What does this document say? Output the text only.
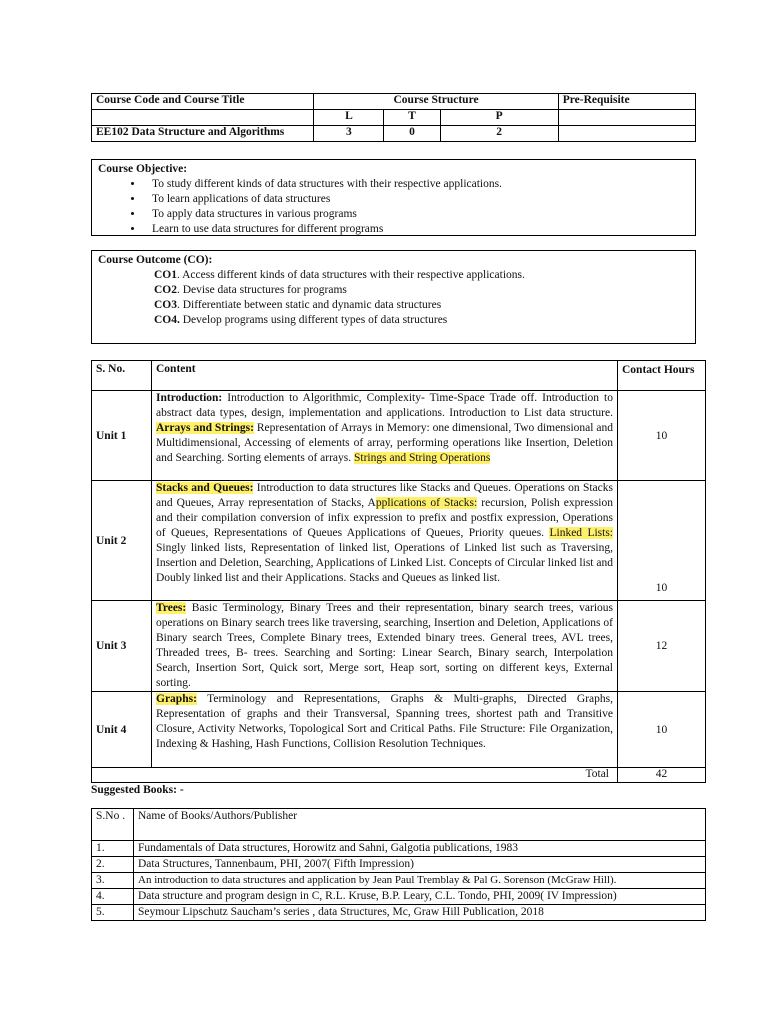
Course Code and Course Title	Course Structure			Pre-Requisite
	L	T	P	
EE102 Data Structure and Algorithms	3	0	2	
Course Objective:
• To study different kinds of data structures with their respective applications.
• To learn applications of data structures
• To apply data structures in various programs
• Learn to use data structures for different programs
Course Outcome (CO):
CO1. Access different kinds of data structures with their respective applications.
CO2. Devise data structures for programs
CO3. Differentiate between static and dynamic data structures
CO4. Develop programs using different types of data structures
S. No.	Content	Contact Hours
Unit 1	Introduction: Introduction to Algorithmic, Complexity- Time-Space Trade off. Introduction to abstract data types, design, implementation and applications. Introduction to List data structure. Arrays and Strings: Representation of Arrays in Memory: one dimensional, Two dimensional and Multidimensional, Accessing of elements of array, performing operations like Insertion, Deletion and Searching. Sorting elements of arrays. Strings and String Operations	10
Unit 2	Stacks and Queues: Introduction to data structures like Stacks and Queues. Operations on Stacks and Queues, Array representation of Stacks, Applications of Stacks: recursion, Polish expression and their compilation conversion of infix expression to prefix and postfix expression, Operations of Queues, Representations of Queues Applications of Queues, Priority queues. Linked Lists: Singly linked lists, Representation of linked list, Operations of Linked list such as Traversing, Insertion and Deletion, Searching, Applications of Linked List. Concepts of Circular linked list and Doubly linked list and their Applications. Stacks and Queues as linked list.	10
Unit 3	Trees: Basic Terminology, Binary Trees and their representation, binary search trees, various operations on Binary search trees like traversing, searching, Insertion and Deletion, Applications of Binary search Trees, Complete Binary trees, Extended binary trees. General trees, AVL trees, Threaded trees, B- trees. Searching and Sorting: Linear Search, Binary search, Interpolation Search, Insertion Sort, Quick sort, Merge sort, Heap sort, sorting on different keys, External sorting.	12
Unit 4	Graphs: Terminology and Representations, Graphs & Multi-graphs, Directed Graphs, Representation of graphs and their Transversal, Spanning trees, shortest path and Transitive Closure, Activity Networks, Topological Sort and Critical Paths. File Structure: File Organization, Indexing & Hashing, Hash Functions, Collision Resolution Techniques.	10
Total		42
Suggested Books: -
S.No .	Name of Books/Authors/Publisher
1.	Fundamentals of Data structures, Horowitz and Sahni, Galgotia publications, 1983
2.	Data Structures, Tannenbaum, PHI, 2007( Fifth Impression)
3.	An introduction to data structures and application by Jean Paul Tremblay & Pal G. Sorenson (McGraw Hill).
4.	Data structure and program design in C, R.L. Kruse, B.P. Leary, C.L. Tondo, PHI, 2009( IV Impression)
5.	Seymour Lipschutz Saucham’s series , data Structures, Mc, Graw Hill Publication, 2018
